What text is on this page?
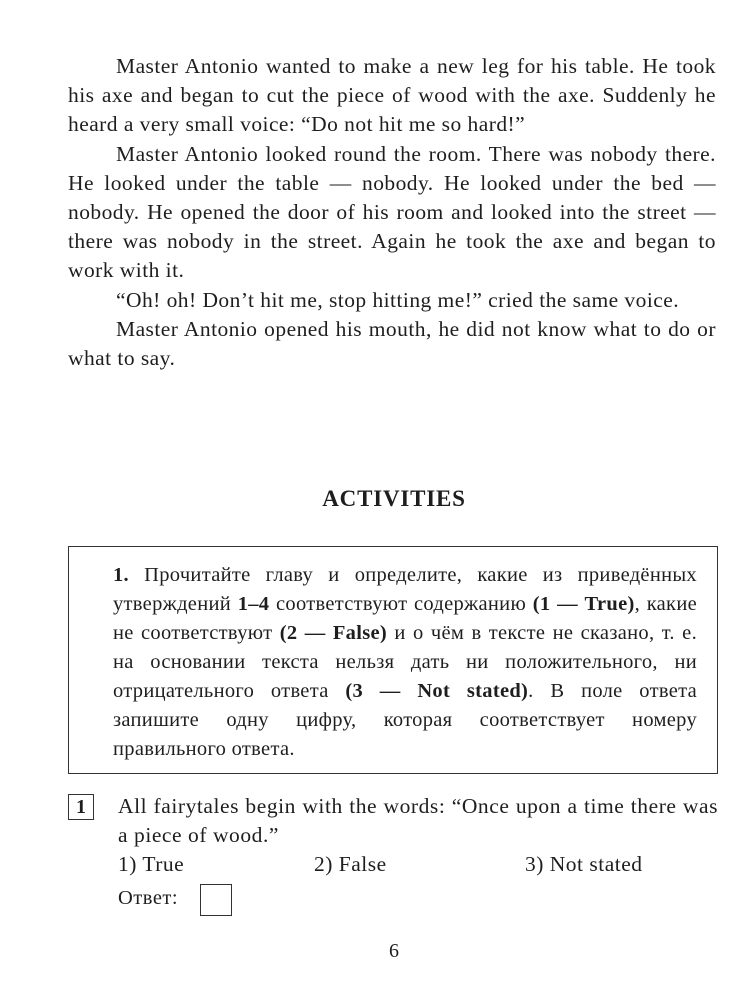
Master Antonio wanted to make a new leg for his table. He took his axe and began to cut the piece of wood with the axe. Suddenly he heard a very small voice: “Do not hit me so hard!”

Master Antonio looked round the room. There was nobody there. He looked under the table — nobody. He looked under the bed — nobody. He opened the door of his room and looked into the street — there was nobody in the street. Again he took the axe and began to work with it.

“Oh! oh! Don’t hit me, stop hitting me!” cried the same voice.

Master Antonio opened his mouth, he did not know what to do or what to say.

ACTIVITIES
1. Прочитайте главу и определите, какие из приведённых утверждений 1–4 соответствуют содержанию (1 — True), какие не соответствуют (2 — False) и о чём в тексте не сказано, т. е. на основании текста нельзя дать ни положительного, ни отрицательного ответа (3 — Not stated). В поле ответа запишите одну цифру, которая соответствует номеру правильного ответа.
1	All fairytales begin with the words: “Once upon a time there was a piece of wood.”
1) True	2) False	3) Not stated
Ответ:
6
